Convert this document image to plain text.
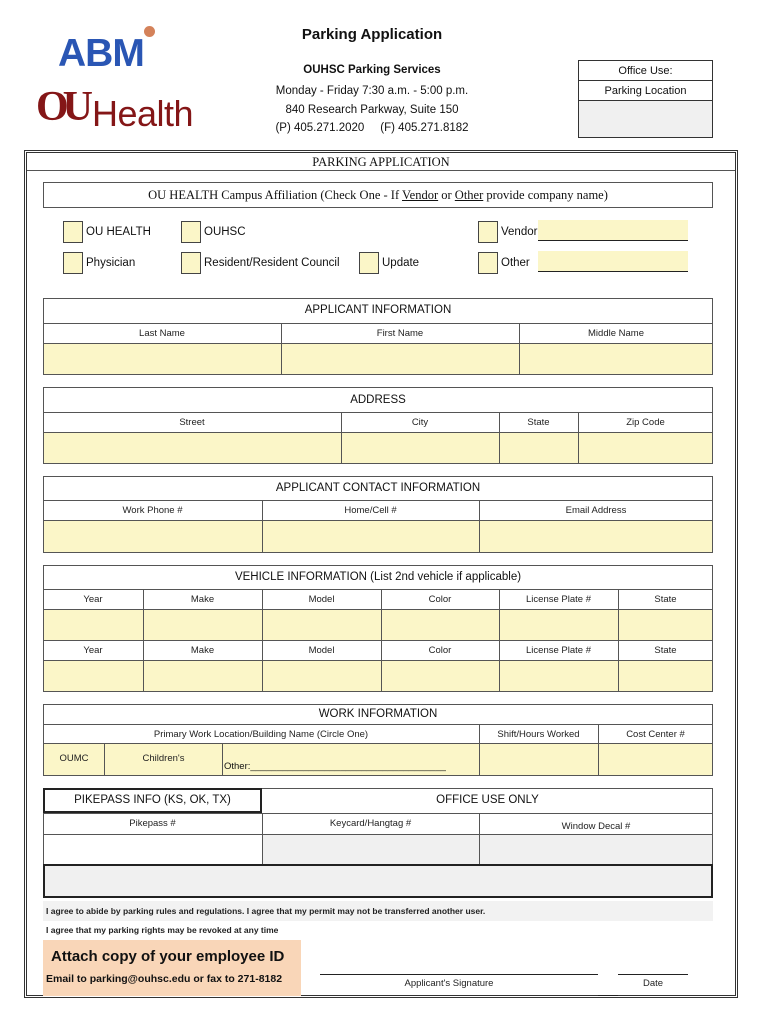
ABM
OU Health
Parking Application
OUHSC Parking Services
Monday - Friday 7:30 a.m. - 5:00 p.m.
840 Research Parkway, Suite 150
(P) 405.271.2020     (F) 405.271.8182
Office Use:
Parking Location
PARKING APPLICATION
OU HEALTH Campus Affiliation (Check One - If Vendor or Other provide company name)
OU HEALTH	OUHSC	Vendor
Physician	Resident/Resident Council	Update	Other
APPLICANT INFORMATION
Last Name	First Name	Middle Name
ADDRESS
Street	City	State	Zip Code
APPLICANT CONTACT INFORMATION
Work Phone #	Home/Cell #	Email Address
VEHICLE INFORMATION (List 2nd vehicle if applicable)
Year	Make	Model	Color	License Plate #	State
Year	Make	Model	Color	License Plate #	State
WORK INFORMATION
Primary Work Location/Building Name (Circle One)	Shift/Hours Worked	Cost Center #
OUMC	Children's
Other:_____________________________________
PIKEPASS INFO (KS, OK, TX)	OFFICE USE ONLY
Pikepass #	Keycard/Hangtag #	Window Decal #
I agree to abide by parking rules and regulations. I agree that my permit may not be transferred another user.
I agree that my parking rights may be revoked at any time
Attach copy of your employee ID
Email to parking@ouhsc.edu or fax to 271-8182	Applicant's Signature	Date
